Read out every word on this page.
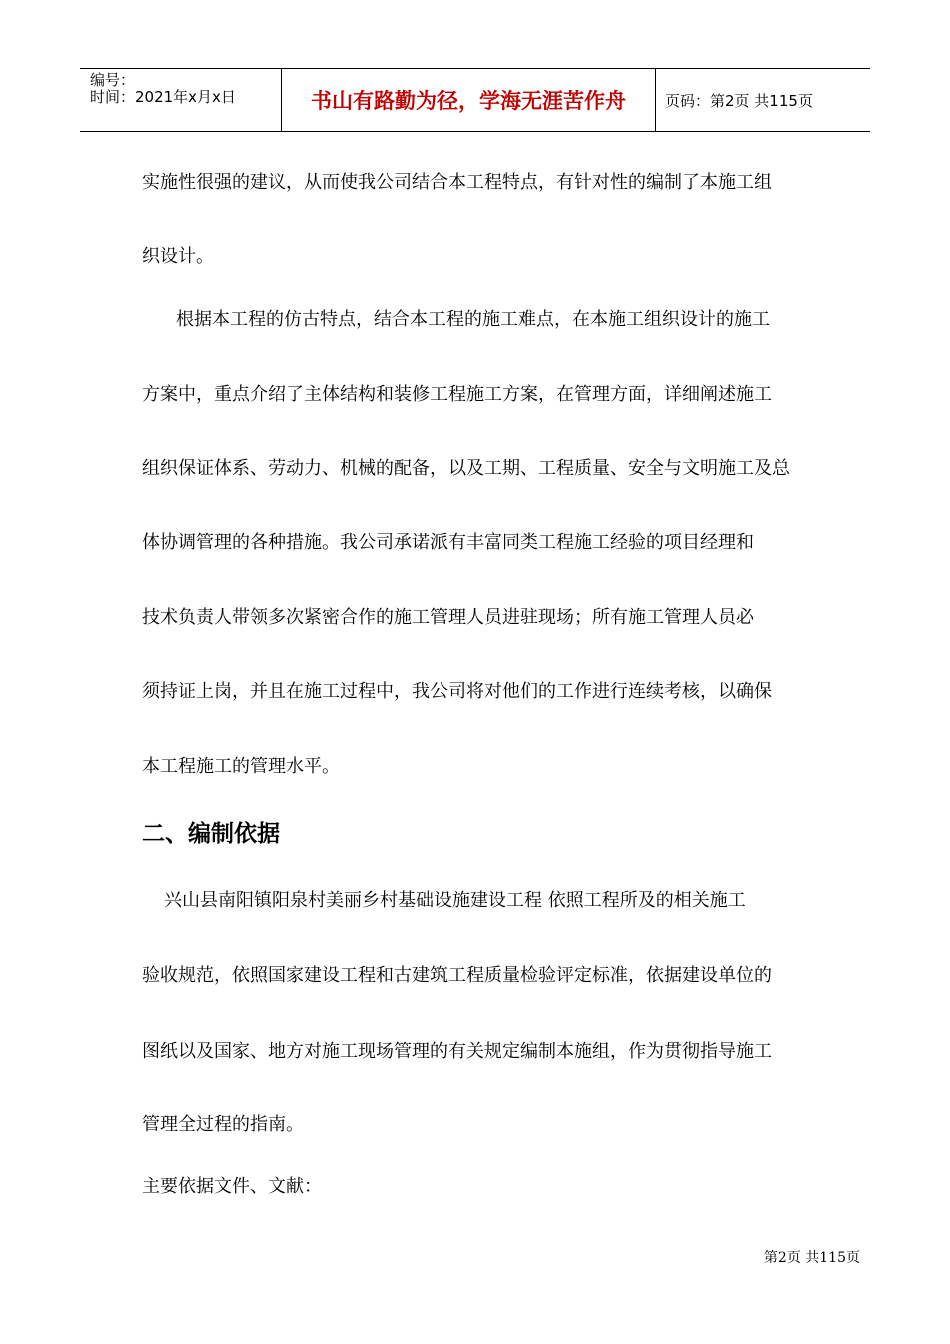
编号：
时间：2021年x月x日	书山有路勤为径，学海无涯苦作舟	页码：第2页 共115页
实施性很强的建议，从而使我公司结合本工程特点，有针对性的编制了本施工组
织设计。
根据本工程的仿古特点，结合本工程的施工难点，在本施工组织设计的施工
方案中，重点介绍了主体结构和装修工程施工方案，在管理方面，详细阐述施工
组织保证体系、劳动力、机械的配备，以及工期、工程质量、安全与文明施工及总
体协调管理的各种措施。我公司承诺派有丰富同类工程施工经验的项目经理和
技术负责人带领多次紧密合作的施工管理人员进驻现场；所有施工管理人员必
须持证上岗，并且在施工过程中，我公司将对他们的工作进行连续考核，以确保
本工程施工的管理水平。
二、编制依据
兴山县南阳镇阳泉村美丽乡村基础设施建设工程 依照工程所及的相关施工
验收规范，依照国家建设工程和古建筑工程质量检验评定标准，依据建设单位的
图纸以及国家、地方对施工现场管理的有关规定编制本施组，作为贯彻指导施工
管理全过程的指南。
主要依据文件、文献：
第2页 共115页
